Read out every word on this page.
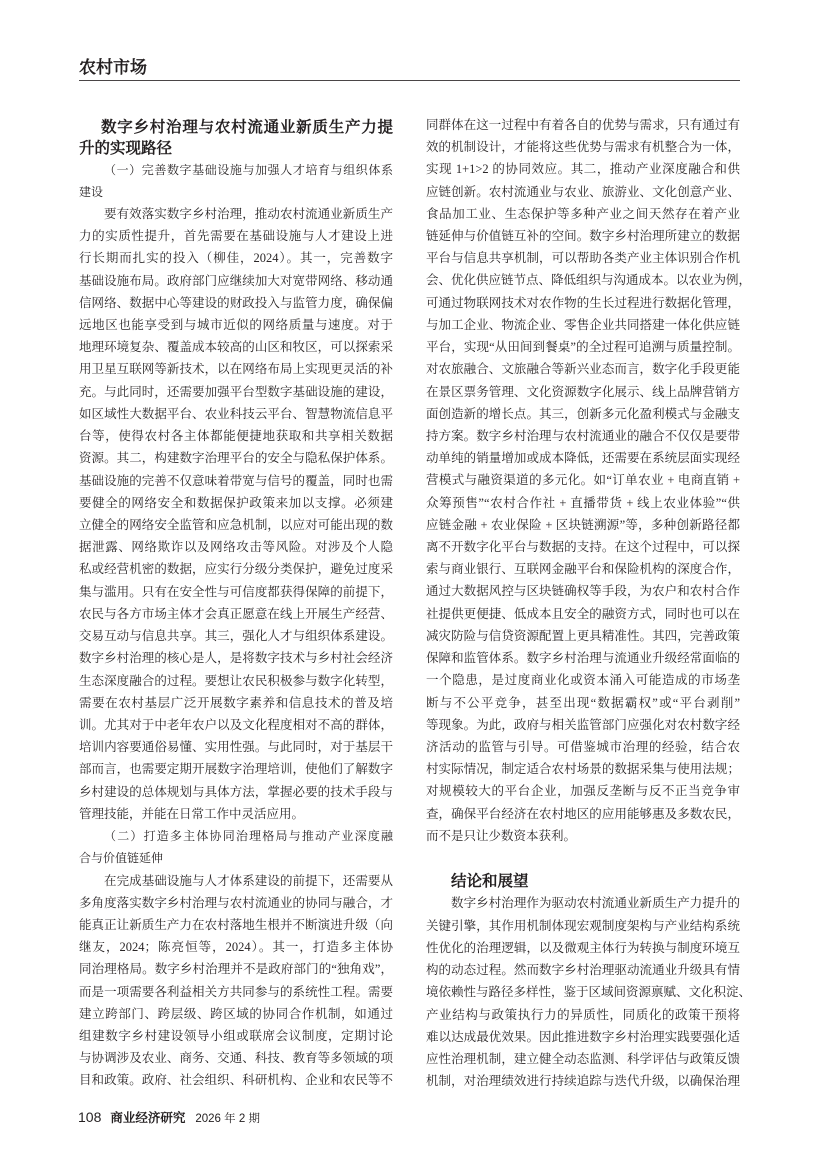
农村市场
数字乡村治理与农村流通业新质生产力提
升的实现路径
（一）完善数字基础设施与加强人才培育与组织体系
建设
要有效落实数字乡村治理，推动农村流通业新质生产
力的实质性提升，首先需要在基础设施与人才建设上进
行长期而扎实的投入（柳佳，2024）。其一，完善数字
基础设施布局。政府部门应继续加大对宽带网络、移动通
信网络、数据中心等建设的财政投入与监管力度，确保偏
远地区也能享受到与城市近似的网络质量与速度。对于
地理环境复杂、覆盖成本较高的山区和牧区，可以探索采
用卫星互联网等新技术，以在网络布局上实现更灵活的补
充。与此同时，还需要加强平台型数字基础设施的建设，
如区域性大数据平台、农业科技云平台、智慧物流信息平
台等，使得农村各主体都能便捷地获取和共享相关数据
资源。其二，构建数字治理平台的安全与隐私保护体系。
基础设施的完善不仅意味着带宽与信号的覆盖，同时也需
要健全的网络安全和数据保护政策来加以支撑。必须建
立健全的网络安全监管和应急机制，以应对可能出现的数
据泄露、网络欺诈以及网络攻击等风险。对涉及个人隐
私或经营机密的数据，应实行分级分类保护，避免过度采
集与滥用。只有在安全性与可信度都获得保障的前提下，
农民与各方市场主体才会真正愿意在线上开展生产经营、
交易互动与信息共享。其三，强化人才与组织体系建设。
数字乡村治理的核心是人，是将数字技术与乡村社会经济
生态深度融合的过程。要想让农民积极参与数字化转型，
需要在农村基层广泛开展数字素养和信息技术的普及培
训。尤其对于中老年农户以及文化程度相对不高的群体，
培训内容要通俗易懂、实用性强。与此同时，对于基层干
部而言，也需要定期开展数字治理培训，使他们了解数字
乡村建设的总体规划与具体方法，掌握必要的技术手段与
管理技能，并能在日常工作中灵活应用。
（二）打造多主体协同治理格局与推动产业深度融
合与价值链延伸
在完成基础设施与人才体系建设的前提下，还需要从
多角度落实数字乡村治理与农村流通业的协同与融合，才
能真正让新质生产力在农村落地生根并不断演进升级（向
继友，2024；陈亮恒等，2024）。其一，打造多主体协
同治理格局。数字乡村治理并不是政府部门的“独角戏”，
而是一项需要各利益相关方共同参与的系统性工程。需要
建立跨部门、跨层级、跨区域的协同合作机制，如通过
组建数字乡村建设领导小组或联席会议制度，定期讨论
与协调涉及农业、商务、交通、科技、教育等多领域的项
目和政策。政府、社会组织、科研机构、企业和农民等不
同群体在这一过程中有着各自的优势与需求，只有通过有
效的机制设计，才能将这些优势与需求有机整合为一体，
实现 1+1>2 的协同效应。其二，推动产业深度融合和供
应链创新。农村流通业与农业、旅游业、文化创意产业、
食品加工业、生态保护等多种产业之间天然存在着产业
链延伸与价值链互补的空间。数字乡村治理所建立的数据
平台与信息共享机制，可以帮助各类产业主体识别合作机
会、优化供应链节点、降低组织与沟通成本。以农业为例，
可通过物联网技术对农作物的生长过程进行数据化管理，
与加工企业、物流企业、零售企业共同搭建一体化供应链
平台，实现“从田间到餐桌”的全过程可追溯与质量控制。
对农旅融合、文旅融合等新兴业态而言，数字化手段更能
在景区票务管理、文化资源数字化展示、线上品牌营销方
面创造新的增长点。其三，创新多元化盈利模式与金融支
持方案。数字乡村治理与农村流通业的融合不仅仅是要带
动单纯的销量增加或成本降低，还需要在系统层面实现经
营模式与融资渠道的多元化。如“订单农业 + 电商直销 +
众筹预售”“农村合作社 + 直播带货 + 线上农业体验”“供
应链金融 + 农业保险 + 区块链溯源”等，多种创新路径都
离不开数字化平台与数据的支持。在这个过程中，可以探
索与商业银行、互联网金融平台和保险机构的深度合作，
通过大数据风控与区块链确权等手段，为农户和农村合作
社提供更便捷、低成本且安全的融资方式，同时也可以在
减灾防险与信贷资源配置上更具精准性。其四，完善政策
保障和监管体系。数字乡村治理与流通业升级经常面临的
一个隐患，是过度商业化或资本涌入可能造成的市场垄
断与不公平竞争，甚至出现“数据霸权”或“平台剥削”
等现象。为此，政府与相关监管部门应强化对农村数字经
济活动的监管与引导。可借鉴城市治理的经验，结合农
村实际情况，制定适合农村场景的数据采集与使用法规；
对规模较大的平台企业，加强反垄断与反不正当竞争审
查，确保平台经济在农村地区的应用能够惠及多数农民，
而不是只让少数资本获利。
结论和展望
数字乡村治理作为驱动农村流通业新质生产力提升的
关键引擎，其作用机制体现宏观制度架构与产业结构系统
性优化的治理逻辑，以及微观主体行为转换与制度环境互
构的动态过程。然而数字乡村治理驱动流通业升级具有情
境依赖性与路径多样性，鉴于区域间资源禀赋、文化积淀、
产业结构与政策执行力的异质性，同质化的政策干预将
难以达成最优效果。因此推进数字乡村治理实践要强化适
应性治理机制，建立健全动态监测、科学评估与政策反馈
机制，对治理绩效进行持续追踪与迭代升级，以确保治理
108 商业经济研究 2026 年 2 期
